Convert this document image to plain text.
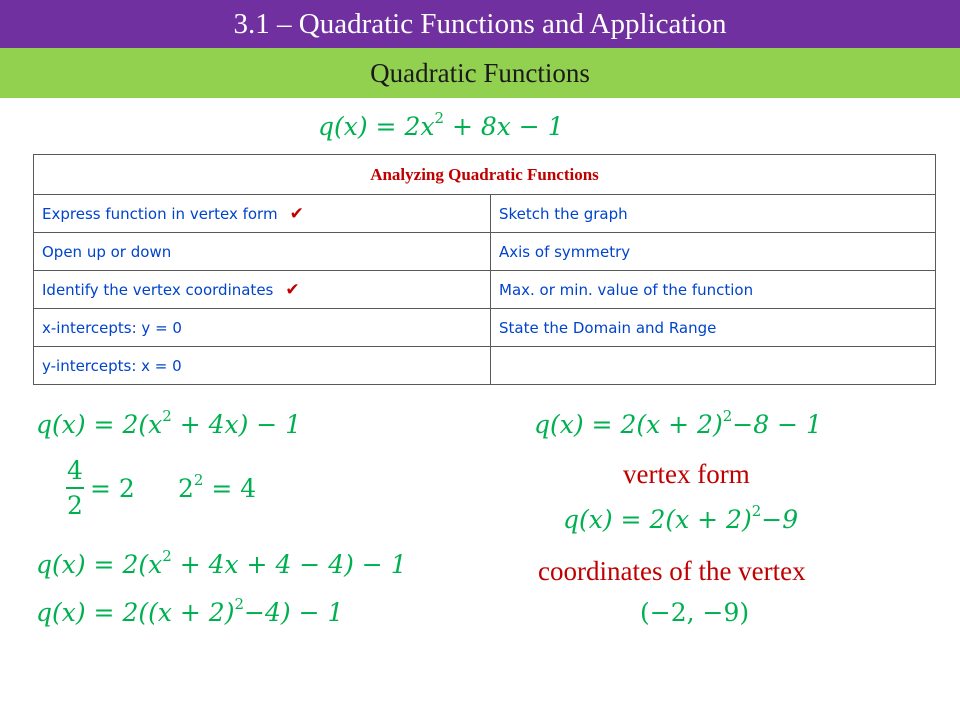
3.1 – Quadratic Functions and Application
Quadratic Functions
$q(x) = 2x^2 + 8x - 1$
Analyzing Quadratic Functions	
Express function in vertex form ✔	Sketch the graph
Open up or down	Axis of symmetry
Identify the vertex coordinates ✔	Max. or min. value of the function
x-intercepts: y = 0	State the Domain and Range
y-intercepts: x = 0	
$q(x) = 2(x^2 + 4x) - 1$
4
2
= 2 $2^2 = 4$
$q(x) = 2(x^2 + 4x + 4 - 4) - 1$
$q(x) = 2((x + 2)^2-4) - 1$
$q(x) = 2(x + 2)^2-8 - 1$
vertex form
$q(x) = 2(x + 2)^2-9$
coordinates of the vertex
(−2, −9)
